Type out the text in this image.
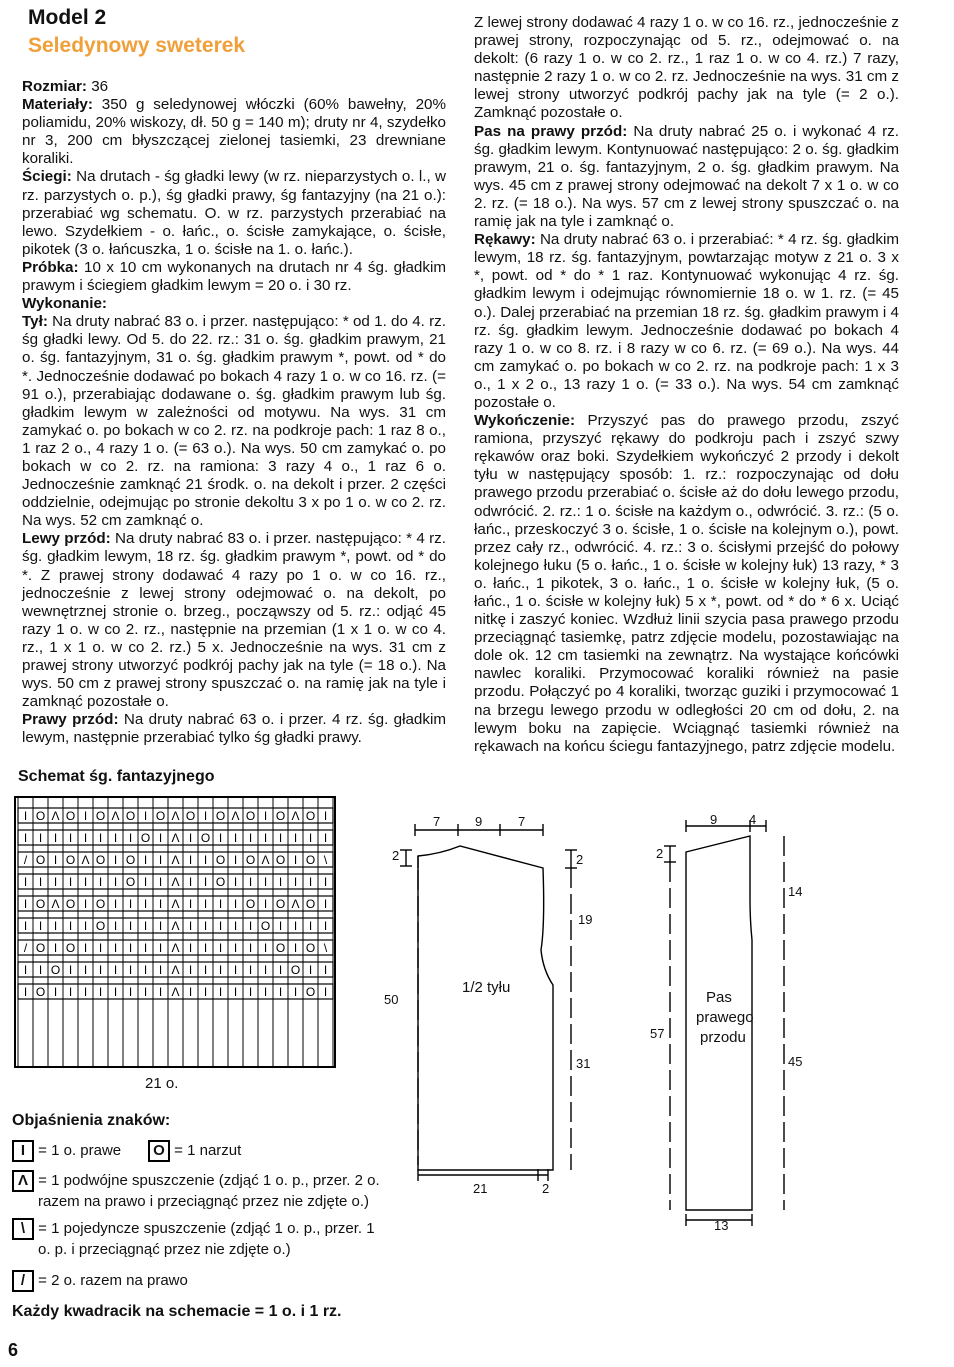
Model 2
Seledynowy sweterek

Rozmiar: 36

Materiały: 350 g seledynowej włóczki (60% bawełny, 20% poliamidu, 20% wiskozy, dł. 50 g = 140 m); druty nr 4, szydełko nr 3, 200 cm błyszczącej zielonej tasiemki, 23 drewniane koraliki.

Ściegi: Na drutach - śg gładki lewy (w rz. nieparzystych o. l., w rz. parzystych o. p.), śg gładki prawy, śg fantazyjny (na 21 o.): przerabiać wg schematu. O. w rz. parzystych przerabiać na lewo. Szydełkiem - o. łańc., o. ścisłe zamykające, o. ścisłe, pikotek (3 o. łańcuszka, 1 o. ścisłe na 1. o. łańc.).

Próbka: 10 x 10 cm wykonanych na drutach nr 4 śg. gładkim prawym i ściegiem gładkim lewym = 20 o. i 30 rz.

Wykonanie:

Tył: Na druty nabrać 83 o. i przer. następująco: * od 1. do 4. rz. śg gładki lewy. Od 5. do 22. rz.: 31 o. śg. gładkim prawym, 21 o. śg. fantazyjnym, 31 o. śg. gładkim prawym *, powt. od * do *. Jednocześnie dodawać po bokach 4 razy 1 o. w co 16. rz. (= 91 o.), przerabiając dodawane o. śg. gładkim prawym lub śg. gładkim lewym w zależności od motywu. Na wys. 31 cm zamykać o. po bokach w co 2. rz. na podkroje pach: 1 raz 8 o., 1 raz 2 o., 4 razy 1 o. (= 63 o.). Na wys. 50 cm zamykać o. po bokach w co 2. rz. na ramiona: 3 razy 4 o., 1 raz 6 o. Jednocześnie zamknąć 21 środk. o. na dekolt i przer. 2 części oddzielnie, odejmując po stronie dekoltu 3 x po 1 o. w co 2. rz. Na wys. 52 cm zamknąć o.

Lewy przód: Na druty nabrać 83 o. i przer. następująco: * 4 rz. śg. gładkim lewym, 18 rz. śg. gładkim prawym *, powt. od * do *. Z prawej strony dodawać 4 razy po 1 o. w co 16. rz., jednocześnie z lewej strony odejmować o. na dekolt, po wewnętrznej stronie o. brzeg., począwszy od 5. rz.: odjąć 45 razy 1 o. w co 2. rz., następnie na przemian (1 x 1 o. w co 4. rz., 1 x 1 o. w co 2. rz.) 5 x. Jednocześnie na wys. 31 cm z prawej strony utworzyć podkrój pachy jak na tyle (= 18 o.). Na wys. 50 cm z prawej strony spuszczać o. na ramię jak na tyle i zamknąć pozostałe o.

Prawy przód: Na druty nabrać 63 o. i przer. 4 rz. śg. gładkim lewym, następnie przerabiać tylko śg gładki prawy.

Z lewej strony dodawać 4 razy 1 o. w co 16. rz., jednocześnie z prawej strony, rozpoczynając od 5. rz., odejmować o. na dekolt: (6 razy 1 o. w co 2. rz., 1 raz 1 o. w co 4. rz.) 7 razy, następnie 2 razy 1 o. w co 2. rz. Jednocześnie na wys. 31 cm z lewej strony utworzyć podkrój pachy jak na tyle (= 2 o.). Zamknąć pozostałe o.

Pas na prawy przód: Na druty nabrać 25 o. i wykonać 4 rz. śg. gładkim lewym. Kontynuować następująco: 2 o. śg. gładkim prawym, 21 o. śg. fantazyjnym, 2 o. śg. gładkim prawym. Na wys. 45 cm z prawej strony odejmować na dekolt 7 x 1 o. w co 2. rz. (= 18 o.). Na wys. 57 cm z lewej strony spuszczać o. na ramię jak na tyle i zamknąć o.

Rękawy: Na druty nabrać 63 o. i przerabiać: * 4 rz. śg. gładkim lewym, 18 rz. śg. fantazyjnym, powtarzając motyw z 21 o. 3 x *, powt. od * do * 1 raz. Kontynuować wykonując 4 rz. śg. gładkim lewym i odejmując równomiernie 18 o. w 1. rz. (= 45 o.). Dalej przerabiać na przemian 18 rz. śg. gładkim prawym i 4 rz. śg. gładkim lewym. Jednocześnie dodawać po bokach 4 razy 1 o. w co 8. rz. i 8 razy w co 6. rz. (= 69 o.). Na wys. 44 cm zamykać o. po bokach w co 2. rz. na podkroje pach: 1 x 3 o., 1 x 2 o., 13 razy 1 o. (= 33 o.). Na wys. 54 cm zamknąć pozostałe o.

Wykończenie: Przyszyć pas do prawego przodu, zszyć ramiona, przyszyć rękawy do podkroju pach i zszyć szwy rękawów oraz boki. Szydełkiem wykończyć 2 przody i dekolt tyłu w następujący sposób: 1. rz.: rozpoczynając od dołu prawego przodu przerabiać o. ścisłe aż do dołu lewego przodu, odwrócić. 2. rz.: 1 o. ścisłe na każdym o., odwrócić. 3. rz.: (5 o. łańc., przeskoczyć 3 o. ścisłe, 1 o. ścisłe na kolejnym o.), powt. przez cały rz., odwrócić. 4. rz.: 3 o. ścisłymi przejść do połowy kolejnego łuku (5 o. łańc., 1 o. ścisłe w kolejny łuk) 13 razy, * 3 o. łańc., 1 pikotek, 3 o. łańc., 1 o. ścisłe w kolejny łuk, (5 o. łańc., 1 o. ścisłe w kolejny łuk) 5 x *, powt. od * do * 6 x. Uciąć nitkę i zaszyć koniec. Wzdłuż linii szycia pasa prawego przodu przeciągnąć tasiemkę, patrz zdjęcie modelu, pozostawiając na dole ok. 12 cm tasiemki na zewnątrz. Na wystające końcówki nawlec koraliki. Przymocować koraliki również na pasie przodu. Połączyć po 4 koraliki, tworząc guziki i przymocować 1 na brzegu lewego przodu w odległości 20 cm od dołu, 2. na lewym boku na zapięcie. Wciągnąć tasiemki również na rękawach na końcu ściegu fantazyjnego, patrz zdjęcie modelu.

Schemat śg. fantazyjnego
I O Λ O I O Λ O I O Λ O I O Λ O I O Λ O I
I I I I I I I I O I Λ I O I I I I I I I I
/ O I O Λ O I O I I Λ I I O I O Λ O I O \
I I I I I I I O I I Λ I I O I I I I I I I
I O Λ O I O I I I I Λ I I I I O I O Λ O I
I I I I I O I I I I Λ I I I I I O I I I I
/ O I O I I I I I I Λ I I I I I I O I O \
I I O I I I I I I I Λ I I I I I I I O I I
I O I I I I I I I I Λ I I I I I I I I O I
21 o.
Objaśnienia znaków:
I = 1 o. prawe	O = 1 narzut
Λ = 1 podwójne spuszczenie (zdjąć 1 o. p., przer. 2 o.
razem na prawo i przeciągnąć przez nie zdjęte o.)
\ = 1 pojedyncze spuszczenie (zdjąć 1 o. p., przer. 1
o. p. i przeciągnąć przez nie zdjęte o.)
/ = 2 o. razem na prawo
Każdy kwadracik na schemacie = 1 o. i 1 rz.
6
7	9	7
2	2
19
50
31
21	2
1/2 tyłu
9 4
2
14
57
45
13
Pas
prawego
przodu
